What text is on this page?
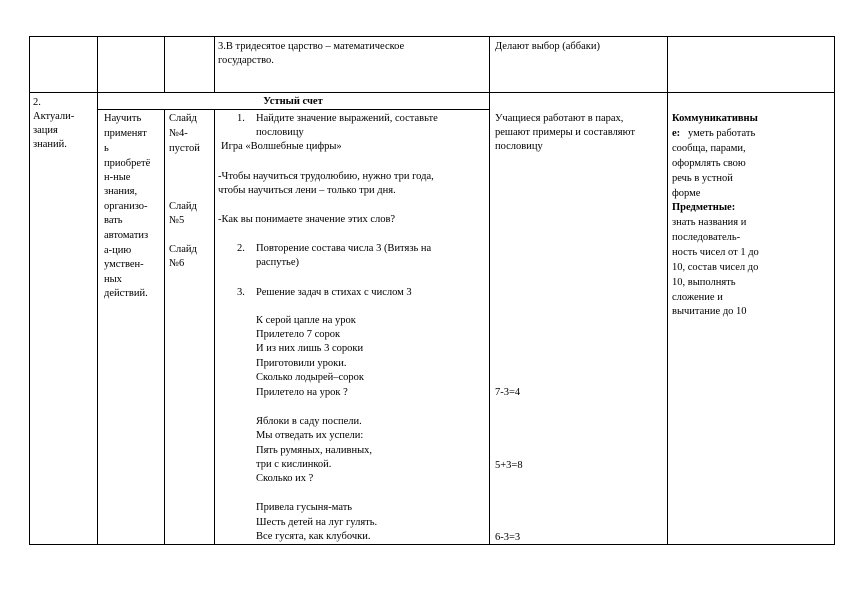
3.В тридесятое царство – математическое
государство.
Делают выбор (аббаки)
2.
Актуали-
зация
знаний.
Научить
применят
ь
приобретё
н-ные
знания,
организо-
вать
автоматиз
а-цию
умствен-
ных
действий.
Слайд
№4-
пустой
Слайд
№5
Слайд
№6
Устный счет
1. Найдите значение выражений, составьте
пословицу
Игра «Волшебные цифры»
-Чтобы научиться трудолюбию, нужно три года,
чтобы научиться лени – только три дня.
-Как вы понимаете значение этих слов?
2. Повторение состава числа 3 (Витязь на
распутье)
3. Решение задач в стихах с числом 3
К серой цапле на урок
Прилетело 7 сорок
И из них лишь 3 сороки
Приготовили уроки.
Сколько лодырей–сорок
Прилетело на урок ?
Яблоки в саду поспели.
Мы отведать их успели:
Пять румяных, наливных,
три с кислинкой.
Сколько их ?
Привела гусыня-мать
Шесть детей на луг гулять.
Все гусята, как клубочки.
Учащиеся работают в парах,
решают примеры и составляют
пословицу
7-3=4
5+3=8
6-3=3
Коммуникативны
е: уметь работать
сообща, парами,
оформлять свою
речь в устной
форме
Предметные:
знать названия и
последователь-
ность чисел от 1 до
10, состав чисел до
10, выполнять
сложение и
вычитание до 10
